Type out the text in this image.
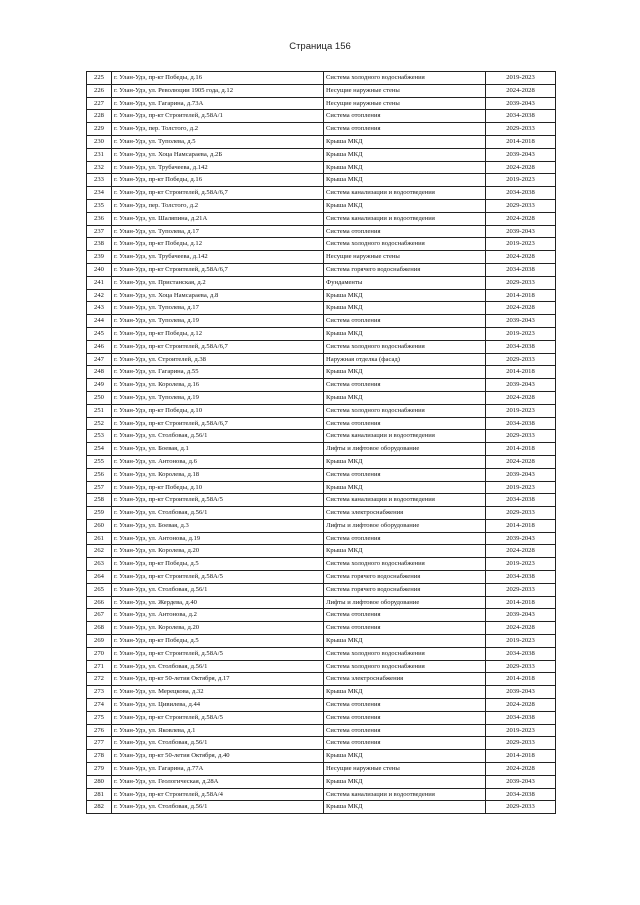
Страница 156
225	г. Улан-Удэ, пр-кт Победы, д.16	Система холодного водоснабжения	2019-2023
226	г. Улан-Удэ, ул. Революции 1905 года, д.12	Несущие наружные стены	2024-2028
227	г. Улан-Удэ, ул. Гагарина, д.73А	Несущие наружные стены	2039-2043
228	г. Улан-Удэ, пр-кт Строителей, д.58А/1	Система отопления	2034-2038
229	г. Улан-Удэ, пер. Толстого, д.2	Система отопления	2029-2033
230	г. Улан-Удэ, ул. Туполева, д.5	Крыша МКД	2014-2018
231	г. Улан-Удэ, ул. Хоца Намсараева, д.2Б	Крыша МКД	2039-2043
232	г. Улан-Удэ, ул. Трубачеева, д.142	Крыша МКД	2024-2028
233	г. Улан-Удэ, пр-кт Победы, д.16	Крыша МКД	2019-2023
234	г. Улан-Удэ, пр-кт Строителей, д.58А/6,7	Система канализации и водоотведения	2034-2038
235	г. Улан-Удэ, пер. Толстого, д.2	Крыша МКД	2029-2033
236	г. Улан-Удэ, ул. Шаляпина, д.21А	Система канализации и водоотведения	2024-2028
237	г. Улан-Удэ, ул. Туполева, д.17	Система отопления	2039-2043
238	г. Улан-Удэ, пр-кт Победы, д.12	Система холодного водоснабжения	2019-2023
239	г. Улан-Удэ, ул. Трубачеева, д.142	Несущие наружные стены	2024-2028
240	г. Улан-Удэ, пр-кт Строителей, д.58А/6,7	Система горячего водоснабжения	2034-2038
241	г. Улан-Удэ, ул. Пристанская, д.2	Фундаменты	2029-2033
242	г. Улан-Удэ, ул. Хоца Намсараева, д.8	Крыша МКД	2014-2018
243	г. Улан-Удэ, ул. Туполева, д.17	Крыша МКД	2024-2028
244	г. Улан-Удэ, ул. Туполева, д.19	Система отопления	2039-2043
245	г. Улан-Удэ, пр-кт Победы, д.12	Крыша МКД	2019-2023
246	г. Улан-Удэ, пр-кт Строителей, д.58А/6,7	Система холодного водоснабжения	2034-2038
247	г. Улан-Удэ, ул. Строителей, д.38	Наружная отделка (фасад)	2029-2033
248	г. Улан-Удэ, ул. Гагарина, д.55	Крыша МКД	2014-2018
249	г. Улан-Удэ, ул. Королева, д.16	Система отопления	2039-2043
250	г. Улан-Удэ, ул. Туполева, д.19	Крыша МКД	2024-2028
251	г. Улан-Удэ, пр-кт Победы, д.10	Система холодного водоснабжения	2019-2023
252	г. Улан-Удэ, пр-кт Строителей, д.58А/6,7	Система отопления	2034-2038
253	г. Улан-Удэ, ул. Столбовая, д.56/1	Система канализации и водоотведения	2029-2033
254	г. Улан-Удэ, ул. Боевая, д.1	Лифты и лифтовое оборудование	2014-2018
255	г. Улан-Удэ, ул. Антонова, д.6	Крыша МКД	2024-2028
256	г. Улан-Удэ, ул. Королева, д.18	Система отопления	2039-2043
257	г. Улан-Удэ, пр-кт Победы, д.10	Крыша МКД	2019-2023
258	г. Улан-Удэ, пр-кт Строителей, д.58А/5	Система канализации и водоотведения	2034-2038
259	г. Улан-Удэ, ул. Столбовая, д.56/1	Система электроснабжения	2029-2033
260	г. Улан-Удэ, ул. Боевая, д.3	Лифты и лифтовое оборудование	2014-2018
261	г. Улан-Удэ, ул. Антонова, д.19	Система отопления	2039-2043
262	г. Улан-Удэ, ул. Королева, д.20	Крыша МКД	2024-2028
263	г. Улан-Удэ, пр-кт Победы, д.5	Система холодного водоснабжения	2019-2023
264	г. Улан-Удэ, пр-кт Строителей, д.58А/5	Система горячего водоснабжения	2034-2038
265	г. Улан-Удэ, ул. Столбовая, д.56/1	Система горячего водоснабжения	2029-2033
266	г. Улан-Удэ, ул. Жердева, д.40	Лифты и лифтовое оборудование	2014-2018
267	г. Улан-Удэ, ул. Антонова, д.2	Система отопления	2039-2043
268	г. Улан-Удэ, ул. Королева, д.20	Система отопления	2024-2028
269	г. Улан-Удэ, пр-кт Победы, д.5	Крыша МКД	2019-2023
270	г. Улан-Удэ, пр-кт Строителей, д.58А/5	Система холодного водоснабжения	2034-2038
271	г. Улан-Удэ, ул. Столбовая, д.56/1	Система холодного водоснабжения	2029-2033
272	г. Улан-Удэ, пр-кт 50-летия Октября, д.17	Система электроснабжения	2014-2018
273	г. Улан-Удэ, ул. Мерецкова, д.32	Крыша МКД	2039-2043
274	г. Улан-Удэ, ул. Цивилева, д.44	Система отопления	2024-2028
275	г. Улан-Удэ, пр-кт Строителей, д.58А/5	Система отопления	2034-2038
276	г. Улан-Удэ, ул. Яковлева, д.1	Система отопления	2019-2023
277	г. Улан-Удэ, ул. Столбовая, д.56/1	Система отопления	2029-2033
278	г. Улан-Удэ, пр-кт 50-летия Октября, д.40	Крыша МКД	2014-2018
279	г. Улан-Удэ, ул. Гагарина, д.77А	Несущие наружные стены	2024-2028
280	г. Улан-Удэ, ул. Геологическая, д.28А	Крыша МКД	2039-2043
281	г. Улан-Удэ, пр-кт Строителей, д.58А/4	Система канализации и водоотведения	2034-2038
282	г. Улан-Удэ, ул. Столбовая, д.56/1	Крыша МКД	2029-2033
